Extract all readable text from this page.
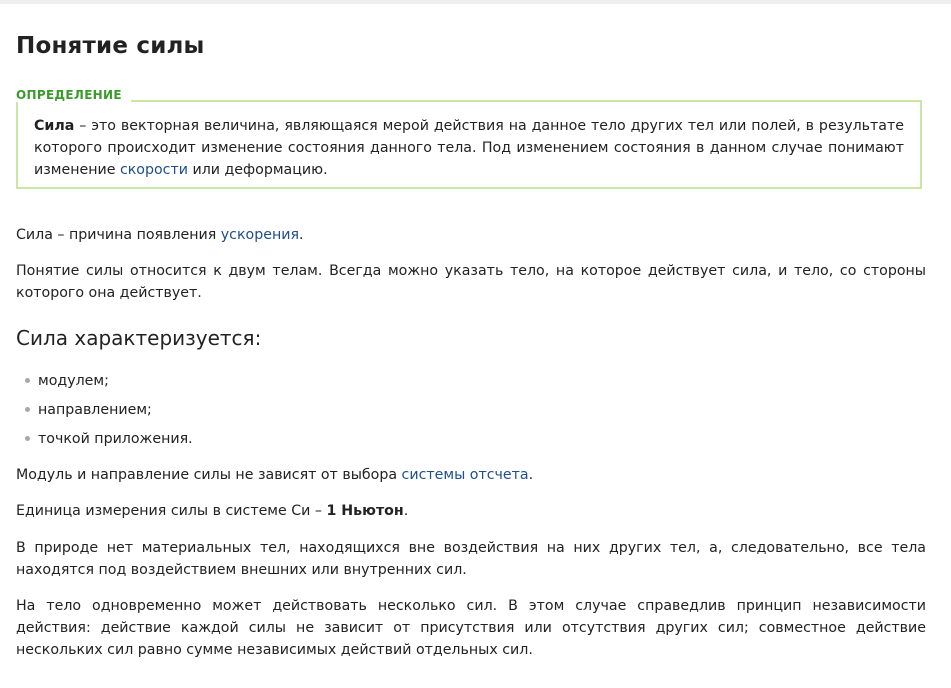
Понятие силы
ОПРЕДЕЛЕНИЕ

Сила – это векторная величина, являющаяся мерой действия на данное тело других тел или полей, в результате которого происходит изменение состояния данного тела. Под изменением состояния в данном случае понимают изменение скорости или деформацию.

Сила – причина появления ускорения.

Понятие силы относится к двум телам. Всегда можно указать тело, на которое действует сила, и тело, со стороны которого она действует.

Сила характеризуется:
модулем;
направлением;
точкой приложения.

Модуль и направление силы не зависят от выбора системы отсчета.

Единица измерения силы в системе Си – 1 Ньютон.

В природе нет материальных тел, находящихся вне воздействия на них других тел, а, следовательно, все тела находятся под воздействием внешних или внутренних сил.

На тело одновременно может действовать несколько сил. В этом случае справедлив принцип независимости действия: действие каждой силы не зависит от присутствия или отсутствия других сил; совместное действие нескольких сил равно сумме независимых действий отдельных сил.
